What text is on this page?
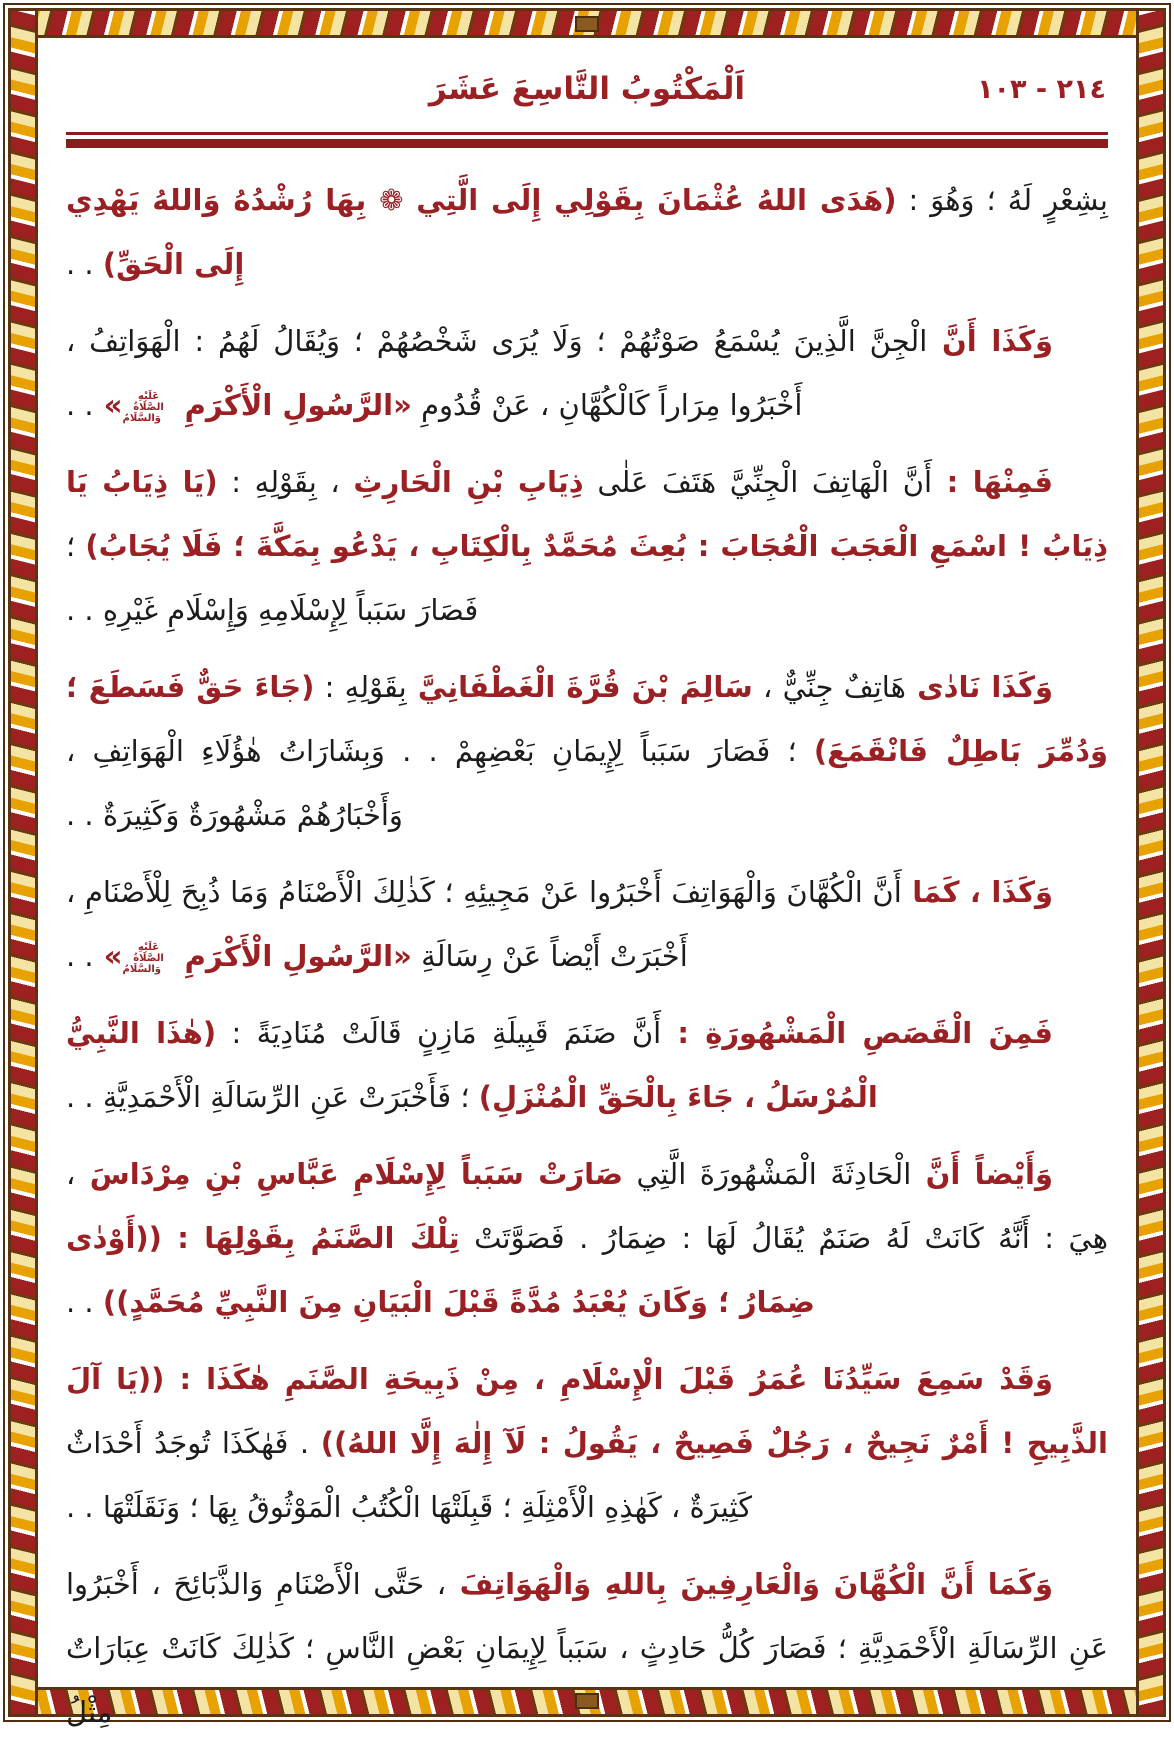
اَلْمَكْتُوبُ التَّاسِعَ عَشَرَ	٢١٤ - ١٠٣

بِشِعْرٍ لَهُ ؛ وَهُوَ : (هَدَى اللهُ عُثْمَانَ بِقَوْلِي إِلَى الَّتِي ❁ بِهَا رُشْدُهُ وَاللهُ يَهْدِي إِلَى الْحَقِّ) . .

وَكَذَا أَنَّ الْجِنَّ الَّذِينَ يُسْمَعُ صَوْتُهُمْ ؛ وَلَا يُرَى شَخْصُهُمْ ؛ وَيُقَالُ لَهُمُ : الْهَوَاتِفُ ، أَخْبَرُوا مِرَاراً كَالْكُهَّانِ ، عَنْ قُدُومِ «الرَّسُولِ الْأَكْرَمِ عَلَيْهِ الصَّلَاةُ وَالسَّلَامُ» . .

فَمِنْهَا : أَنَّ الْهَاتِفَ الْجِنِّيَّ هَتَفَ عَلٰى ذِيَابِ بْنِ الْحَارِثِ ، بِقَوْلِهِ : (يَا ذِيَابُ يَا ذِيَابُ ! اسْمَعِ الْعَجَبَ الْعُجَابَ : بُعِثَ مُحَمَّدٌ بِالْكِتَابِ ، يَدْعُو بِمَكَّةَ ؛ فَلَا يُجَابُ) ؛ فَصَارَ سَبَباً لِإِسْلَامِهِ وَإِسْلَامِ غَيْرِهِ . .

وَكَذَا نَادٰى هَاتِفٌ جِنِّيٌّ ، سَالِمَ بْنَ قُرَّةَ الْغَطْفَانِيَّ بِقَوْلِهِ : (جَاءَ حَقٌّ فَسَطَعَ ؛ وَدُمِّرَ بَاطِلٌ فَانْقَمَعَ) ؛ فَصَارَ سَبَباً لِإِيمَانِ بَعْضِهِمْ . . وَبِشَارَاتُ هٰؤُلَاءِ الْهَوَاتِفِ ، وَأَخْبَارُهُمْ مَشْهُورَةٌ وَكَثِيرَةٌ . .

وَكَذَا ، كَمَا أَنَّ الْكُهَّانَ وَالْهَوَاتِفَ أَخْبَرُوا عَنْ مَجِيئِهِ ؛ كَذٰلِكَ الْأَصْنَامُ وَمَا ذُبِحَ لِلْأَصْنَامِ ، أَخْبَرَتْ أَيْضاً عَنْ رِسَالَةِ «الرَّسُولِ الْأَكْرَمِ عَلَيْهِ الصَّلَاةُ وَالسَّلَامُ» . .

فَمِنَ الْقَصَصِ الْمَشْهُورَةِ : أَنَّ صَنَمَ قَبِيلَةِ مَازِنٍ قَالَتْ مُنَادِيَةً : (هٰذَا النَّبِيُّ الْمُرْسَلُ ، جَاءَ بِالْحَقِّ الْمُنْزَلِ) ؛ فَأَخْبَرَتْ عَنِ الرِّسَالَةِ الْأَحْمَدِيَّةِ . .

وَأَيْضاً أَنَّ الْحَادِثَةَ الْمَشْهُورَةَ الَّتِي صَارَتْ سَبَباً لِإِسْلَامِ عَبَّاسِ بْنِ مِرْدَاسَ ، هِيَ : أَنَّهُ كَانَتْ لَهُ صَنَمٌ يُقَالُ لَهَا : ضِمَارُ . فَصَوَّتَتْ تِلْكَ الصَّنَمُ بِقَوْلِهَا : ((أَوْدٰى ضِمَارُ ؛ وَكَانَ يُعْبَدُ مُدَّةً قَبْلَ الْبَيَانِ مِنَ النَّبِيِّ مُحَمَّدٍ)) . .

وَقَدْ سَمِعَ سَيِّدُنَا عُمَرُ قَبْلَ الْإِسْلَامِ ، مِنْ ذَبِيحَةِ الصَّنَمِ هٰكَذَا : ((يَا آلَ الذَّبِيحِ ! أَمْرٌ نَجِيحٌ ، رَجُلٌ فَصِيحٌ ، يَقُولُ : لَآ إِلٰهَ إِلَّا اللهُ)) . فَهٰكَذَا تُوجَدُ أَحْدَاثٌ كَثِيرَةٌ ، كَهٰذِهِ الْأَمْثِلَةِ ؛ قَبِلَتْهَا الْكُتُبُ الْمَوْثُوقُ بِهَا ؛ وَنَقَلَتْهَا . .

وَكَمَا أَنَّ الْكُهَّانَ وَالْعَارِفِينَ بِاللهِ وَالْهَوَاتِفَ ، حَتَّى الْأَصْنَامِ وَالذَّبَائِحَ ، أَخْبَرُوا عَنِ الرِّسَالَةِ الْأَحْمَدِيَّةِ ؛ فَصَارَ كُلُّ حَادِثٍ ، سَبَباً لِإِيمَانِ بَعْضِ النَّاسِ ؛ كَذٰلِكَ كَانَتْ عِبَارَاتٌ مِثْلُ
